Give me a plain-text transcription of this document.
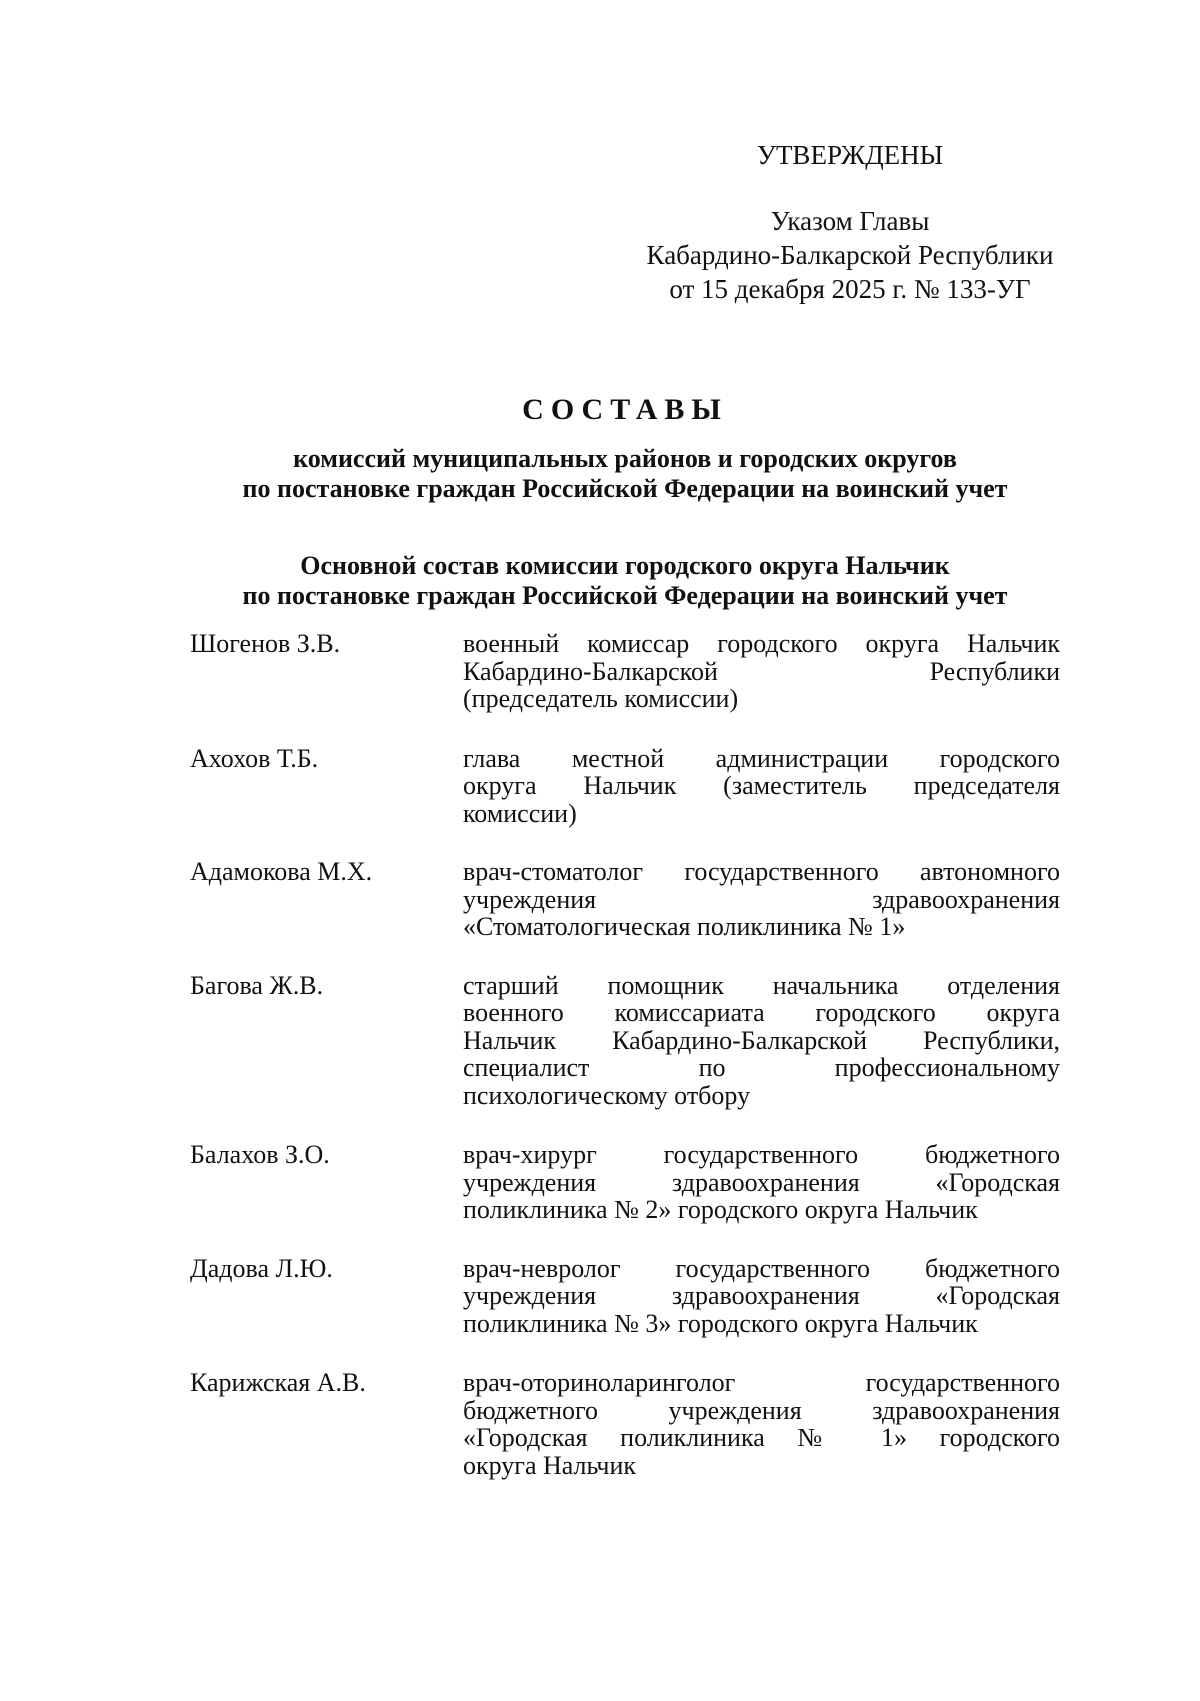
УТВЕРЖДЕНЫ
Указом Главы
Кабардино-Балкарской Республики
от 15 декабря 2025 г. № 133-УГ
СОСТАВЫ
комиссий муниципальных районов и городских округов
по постановке граждан Российской Федерации на воинский учет
Основной состав комиссии городского округа Нальчик
по постановке граждан Российской Федерации на воинский учет
Шогенов З.В.	военный комиссар городского округа Нальчик
Кабардино-Балкарской Республики
(председатель комиссии)
Ахохов Т.Б.	глава местной администрации городского
округа Нальчик (заместитель председателя
комиссии)
Адамокова М.Х.	врач-стоматолог государственного автономного
учреждения здравоохранения
«Стоматологическая поликлиника № 1»
Багова Ж.В.	старший помощник начальника отделения
военного комиссариата городского округа
Нальчик Кабардино-Балкарской Республики,
специалист по профессиональному
психологическому отбору
Балахов З.О.	врач-хирург государственного бюджетного
учреждения здравоохранения «Городская
поликлиника № 2» городского округа Нальчик
Дадова Л.Ю.	врач-невролог государственного бюджетного
учреждения здравоохранения «Городская
поликлиника № 3» городского округа Нальчик
Карижская А.В.	врач-оториноларинголог государственного
бюджетного учреждения здравоохранения
«Городская поликлиника № 1» городского
округа Нальчик
